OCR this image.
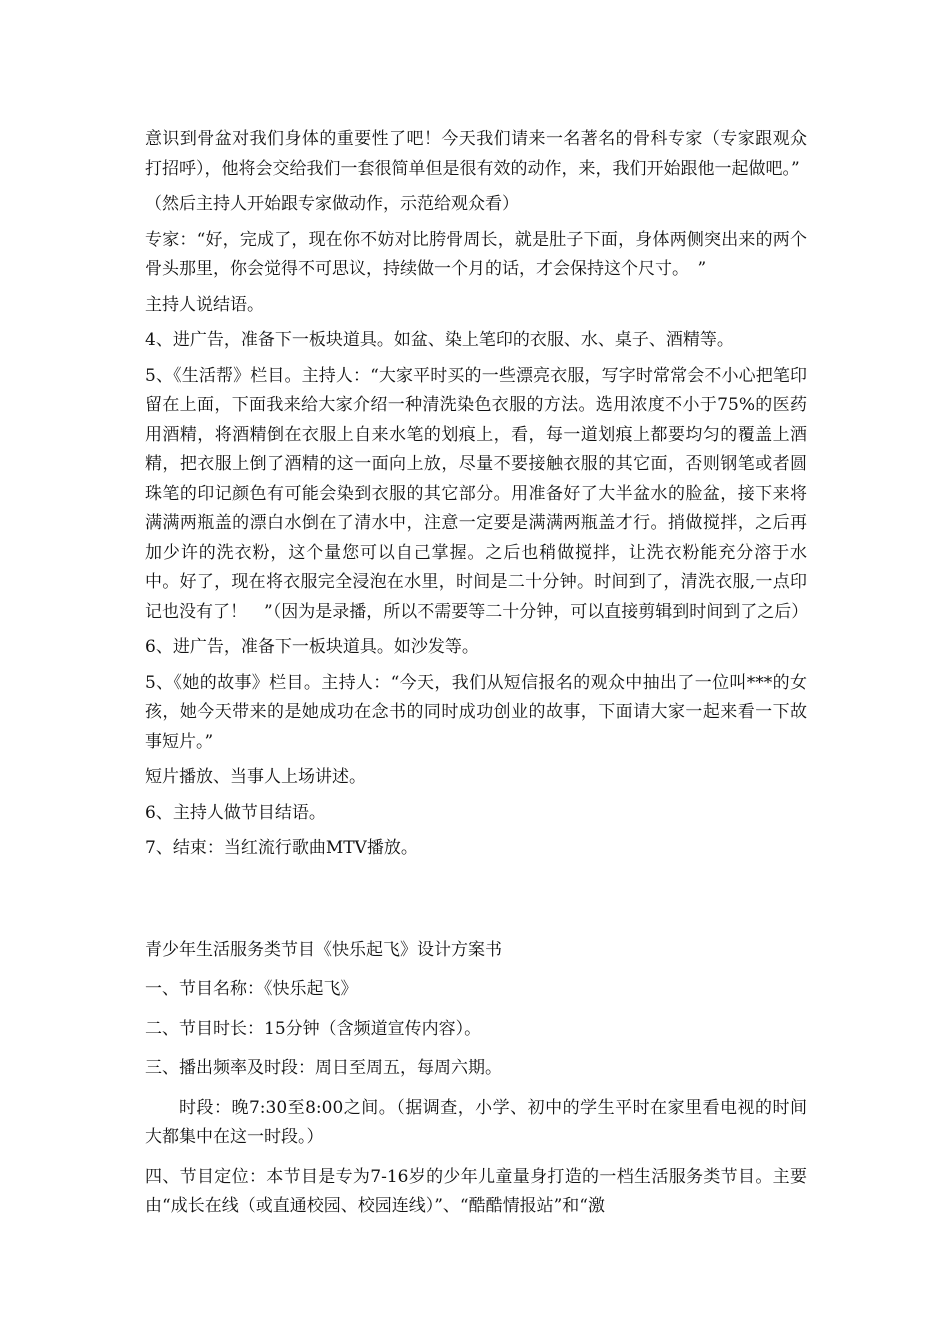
意识到骨盆对我们身体的重要性了吧！今天我们请来一名著名的骨科专家（专家跟观众打招呼），他将会交给我们一套很简单但是很有效的动作，来，我们开始跟他一起做吧。”

（然后主持人开始跟专家做动作，示范给观众看）

专家：“好，完成了，现在你不妨对比胯骨周长，就是肚子下面，身体两侧突出来的两个骨头那里，你会觉得不可思议，持续做一个月的话，才会保持这个尺寸。　”

主持人说结语。

4、进广告，准备下一板块道具。如盆、染上笔印的衣服、水、桌子、酒精等。

5、《生活帮》栏目。主持人：“大家平时买的一些漂亮衣服，写字时常常会不小心把笔印留在上面，下面我来给大家介绍一种清洗染色衣服的方法。选用浓度不小于75%的医药用酒精，将酒精倒在衣服上自来水笔的划痕上，看，每一道划痕上都要均匀的覆盖上酒精，把衣服上倒了酒精的这一面向上放，尽量不要接触衣服的其它面，否则钢笔或者圆珠笔的印记颜色有可能会染到衣服的其它部分。用准备好了大半盆水的脸盆，接下来将满满两瓶盖的漂白水倒在了清水中，注意一定要是满满两瓶盖才行。捎做搅拌，之后再加少许的洗衣粉，这个量您可以自己掌握。之后也稍做搅拌，让洗衣粉能充分溶于水中。好了，现在将衣服完全浸泡在水里，时间是二十分钟。时间到了，清洗衣服,一点印记也没有了！　”（因为是录播，所以不需要等二十分钟，可以直接剪辑到时间到了之后）

6、进广告，准备下一板块道具。如沙发等。

5、《她的故事》栏目。主持人：“今天，我们从短信报名的观众中抽出了一位叫***的女孩，她今天带来的是她成功在念书的同时成功创业的故事，下面请大家一起来看一下故事短片。”

短片播放、当事人上场讲述。

6、主持人做节目结语。

7、结束：当红流行歌曲MTV播放。

青少年生活服务类节目《快乐起飞》设计方案书

一、节目名称：《快乐起飞》

二、节目时长：15分钟（含频道宣传内容）。

三、播出频率及时段：周日至周五，每周六期。

时段：晚7:30至8:00之间。（据调查，小学、初中的学生平时在家里看电视的时间大都集中在这一时段。）

四、节目定位：本节目是专为7-16岁的少年儿童量身打造的一档生活服务类节目。主要由“成长在线（或直通校园、校园连线）”、“酷酷情报站”和“激
